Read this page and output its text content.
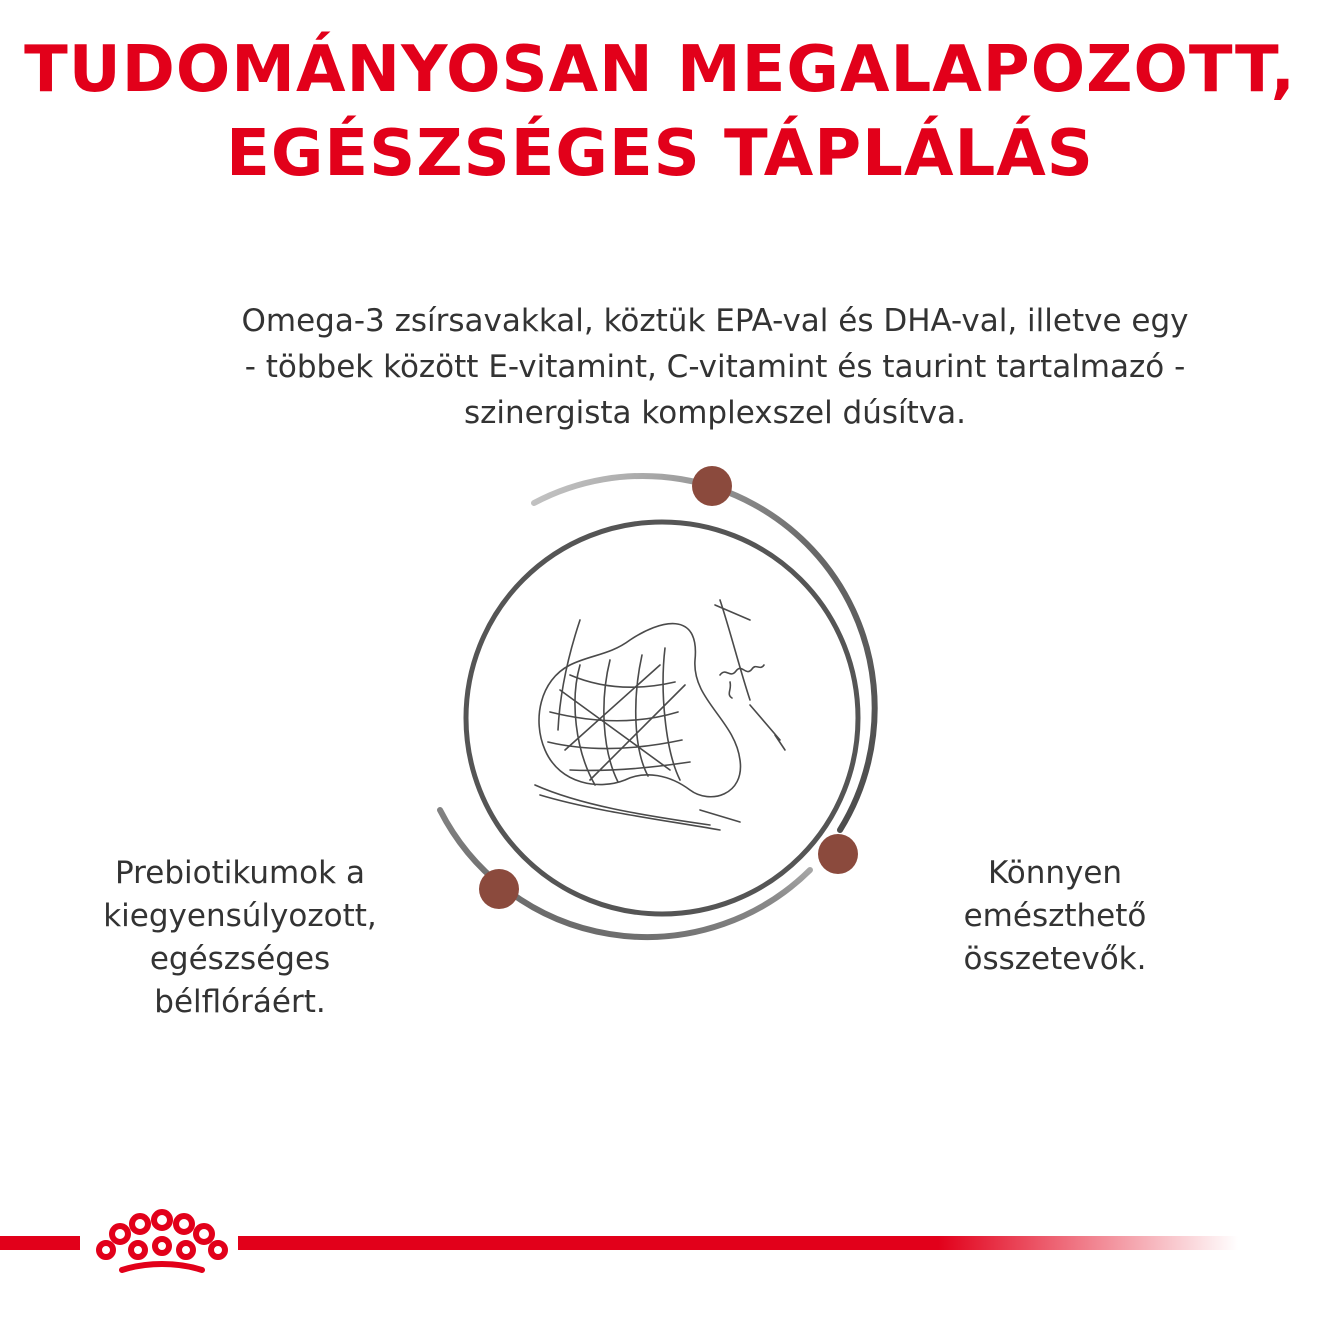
TUDOMÁNYOSAN MEGALAPOZOTT,
EGÉSZSÉGES TÁPLÁLÁS
Omega-3 zsírsavakkal, köztük EPA-val és DHA-val, illetve egy
- többek között E-vitamint, C-vitamint és taurint tartalmazó -
szinergista komplexszel dúsítva.
Prebiotikumok a
kiegyensúlyozott,
egészséges
bélflóráért.
Könnyen
emészthető
összetevők.
